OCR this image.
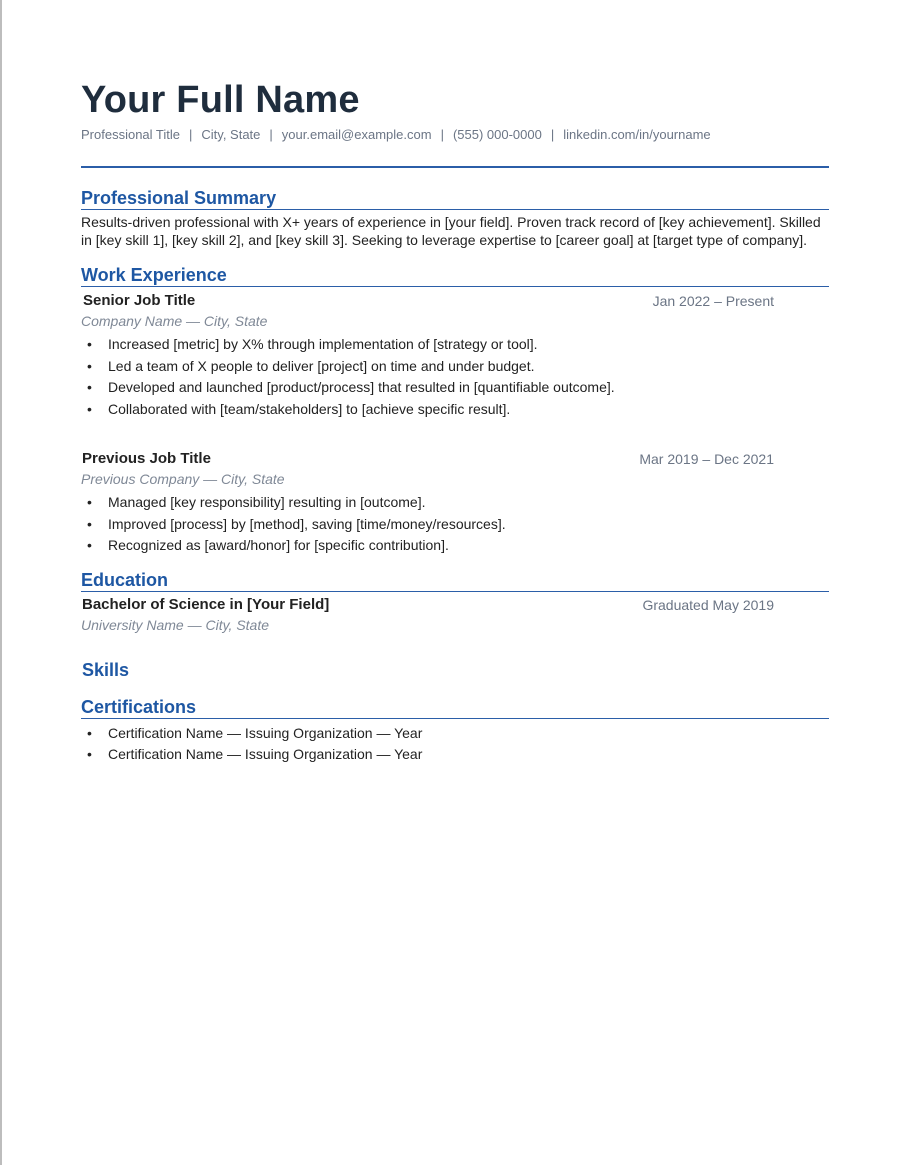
Your Full Name
Professional Title | City, State | your.email@example.com | (555) 000-0000 | linkedin.com/in/yourname
Professional Summary
Results-driven professional with X+ years of experience in [your field]. Proven track record of [key achievement]. Skilled in [key skill 1], [key skill 2], and [key skill 3]. Seeking to leverage expertise to [career goal] at [target type of company].
Work Experience
Senior Job Title	Jan 2022 – Present
Company Name — City, State
• Increased [metric] by X% through implementation of [strategy or tool].
• Led a team of X people to deliver [project] on time and under budget.
• Developed and launched [product/process] that resulted in [quantifiable outcome].
• Collaborated with [team/stakeholders] to [achieve specific result].
Previous Job Title	Mar 2019 – Dec 2021
Previous Company — City, State
• Managed [key responsibility] resulting in [outcome].
• Improved [process] by [method], saving [time/money/resources].
• Recognized as [award/honor] for [specific contribution].
Education
Bachelor of Science in [Your Field]	Graduated May 2019
University Name — City, State
Skills
Certifications
• Certification Name — Issuing Organization — Year
• Certification Name — Issuing Organization — Year
